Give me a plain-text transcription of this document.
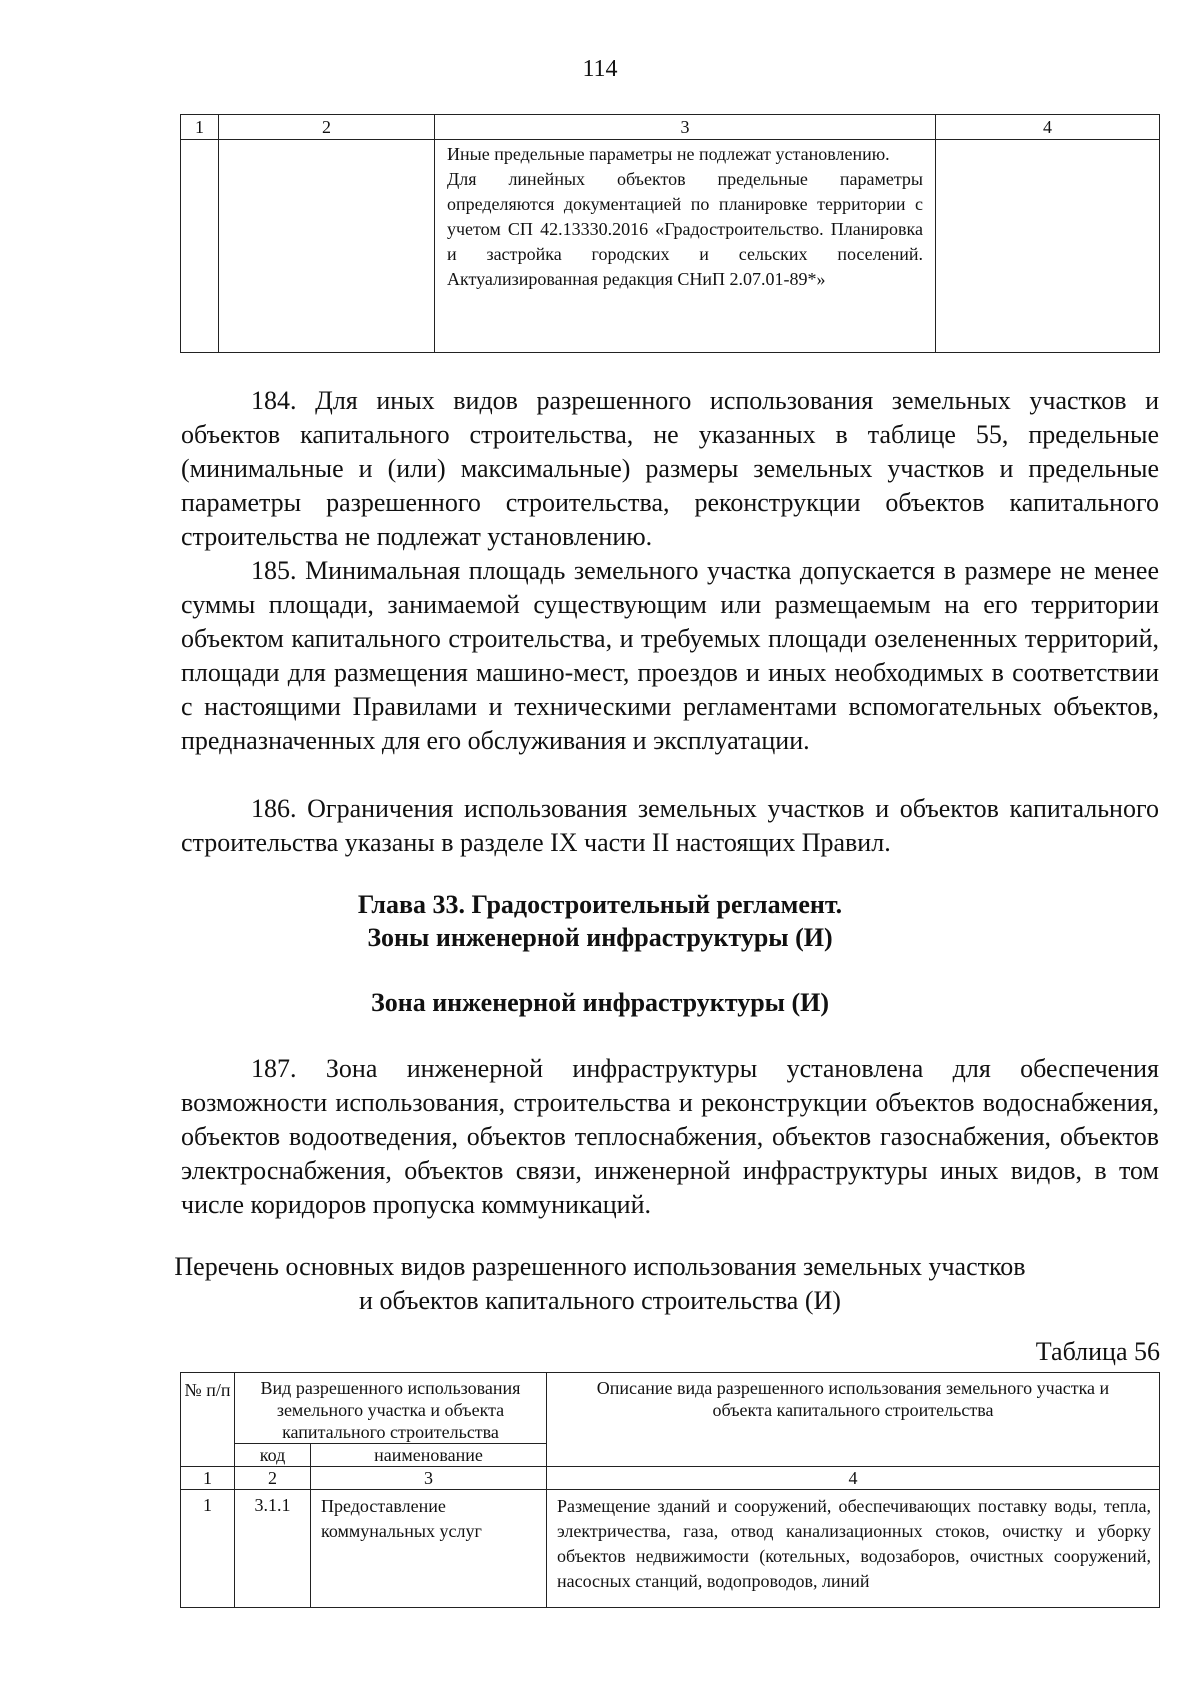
114
1	2	3	4

		Иные предельные параметры не подлежат установлению.

Для линейных объектов предельные параметры определяются документацией по планировке территории с учетом СП 42.13330.2016 «Градостроительство. Планировка и застройка городских и сельских поселений. Актуализированная редакция СНиП 2.07.01-89*»	

184. Для иных видов разрешенного использования земельных участков и объектов капитального строительства, не указанных в таблице 55, предельные (минимальные и (или) максимальные) размеры земельных участков и предельные параметры разрешенного строительства, реконструкции объектов капитального строительства не подлежат установлению.

185. Минимальная площадь земельного участка допускается в размере не менее суммы площади, занимаемой существующим или размещаемым на его территории объектом капитального строительства, и требуемых площади озелененных территорий, площади для размещения машино-мест, проездов и иных необходимых в соответствии с настоящими Правилами и техническими регламентами вспомогательных объектов, предназначенных для его обслуживания и эксплуатации.

186. Ограничения использования земельных участков и объектов капитального строительства указаны в разделе IX части II настоящих Правил.

Глава 33. Градостроительный регламент.

Зоны инженерной инфраструктуры (И)

Зона инженерной инфраструктуры (И)

187. Зона инженерной инфраструктуры установлена для обеспечения возможности использования, строительства и реконструкции объектов водоснабжения, объектов водоотведения, объектов теплоснабжения, объектов газоснабжения, объектов электроснабжения, объектов связи, инженерной инфраструктуры иных видов, в том числе коридоров пропуска коммуникаций.

Перечень основных видов разрешенного использования земельных участков

и объектов капитального строительства (И)

Таблица 56
№ п/п	Вид разрешенного использования земельного участка и объекта капитального строительства		Описание вида разрешенного использования земельного участка и объекта капитального строительства
	код	наименование	
1	2	3	4
1	3.1.1	Предоставление коммунальных услуг	Размещение зданий и сооружений, обеспечивающих поставку воды, тепла, электричества, газа, отвод канализационных стоков, очистку и уборку объектов недвижимости (котельных, водозаборов, очистных сооружений, насосных станций, водопроводов, линий
